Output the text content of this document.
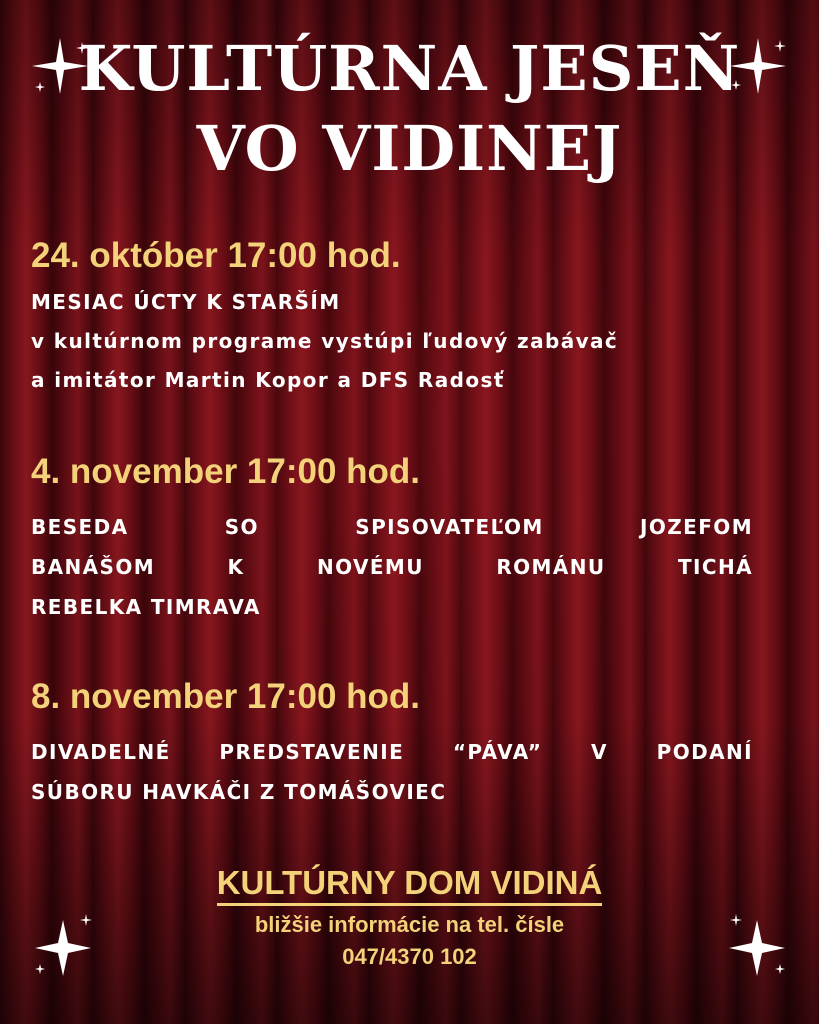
KULTÚRNA JESEŇ
VO VIDINEJ
24. október 17:00 hod.
MESIAC ÚCTY K STARŠÍM
v kultúrnom programe vystúpi ľudový zabávač
a imitátor Martin Kopor a DFS Radosť
4. november 17:00 hod.
BESEDA SO SPISOVATEĽOM JOZEFOM
BANÁŠOM K NOVÉMU ROMÁNU TICHÁ
REBELKA TIMRAVA
8. november 17:00 hod.
DIVADELNÉ PREDSTAVENIE “PÁVA” V PODANÍ
SÚBORU HAVKÁČI Z TOMÁŠOVIEC
KULTÚRNY DOM VIDINÁ
bližšie informácie na tel. čísle
047/4370 102
